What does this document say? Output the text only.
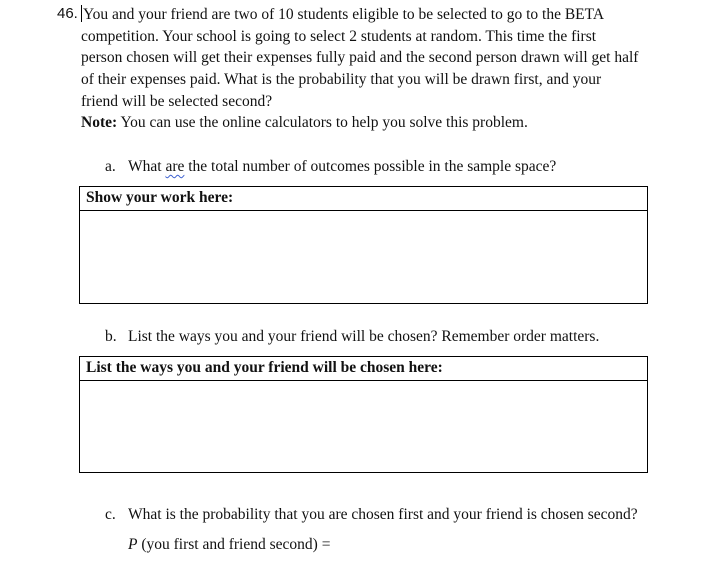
46. You and your friend are two of 10 students eligible to be selected to go to the BETA
competition. Your school is going to select 2 students at random. This time the first
person chosen will get their expenses fully paid and the second person drawn will get half
of their expenses paid. What is the probability that you will be drawn first, and your
friend will be selected second?
Note: You can use the online calculators to help you solve this problem.
a. What are the total number of outcomes possible in the sample space?
Show your work here:
b. List the ways you and your friend will be chosen? Remember order matters.
List the ways you and your friend will be chosen here:
c. What is the probability that you are chosen first and your friend is chosen second?
P (you first and friend second) =
